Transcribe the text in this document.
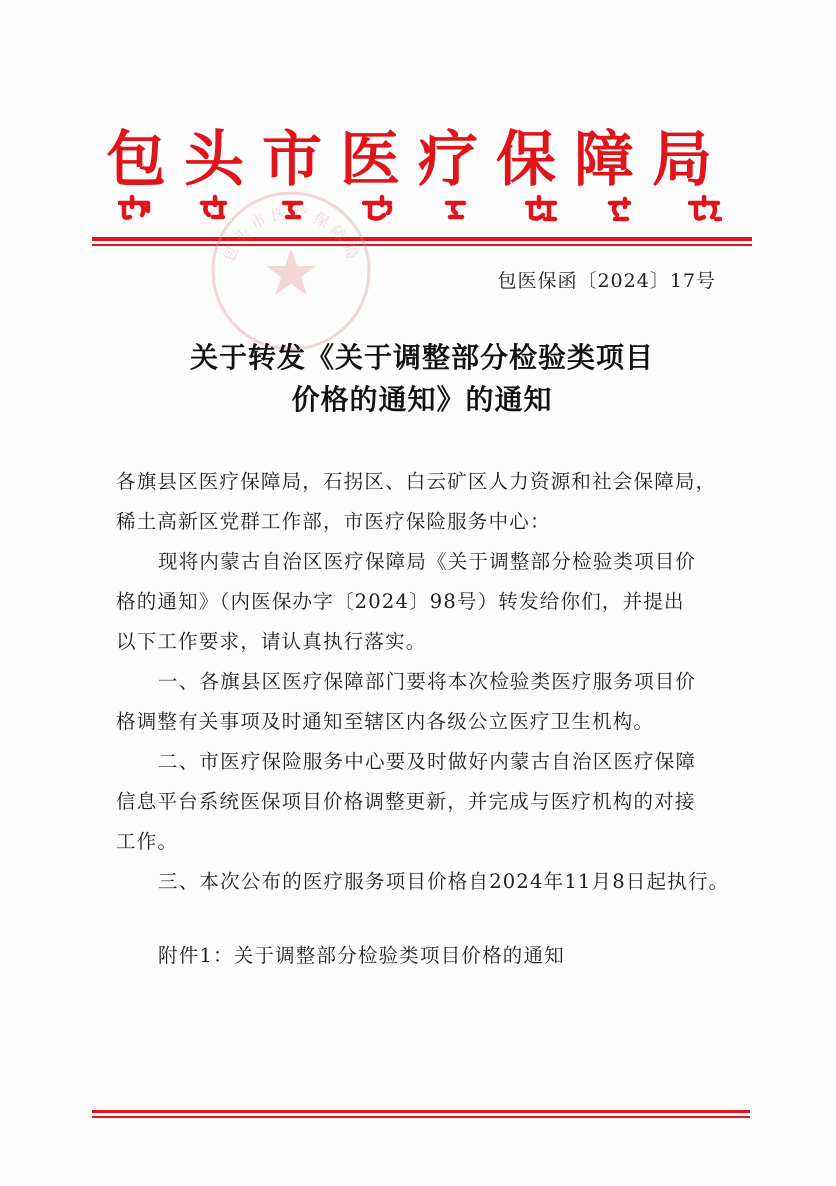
包头市医疗保障局
包头市医疗保障局
包医保函〔2024〕17号
关于转发《关于调整部分检验类项目
价格的通知》的通知
各旗县区医疗保障局，石拐区、白云矿区人力资源和社会保障局，
稀土高新区党群工作部，市医疗保险服务中心：
现将内蒙古自治区医疗保障局《关于调整部分检验类项目价
格的通知》（内医保办字〔2024〕98号）转发给你们，并提出
以下工作要求，请认真执行落实。
一、各旗县区医疗保障部门要将本次检验类医疗服务项目价
格调整有关事项及时通知至辖区内各级公立医疗卫生机构。
二、市医疗保险服务中心要及时做好内蒙古自治区医疗保障
信息平台系统医保项目价格调整更新，并完成与医疗机构的对接
工作。
三、本次公布的医疗服务项目价格自2024年11月8日起执行。
附件1：关于调整部分检验类项目价格的通知
